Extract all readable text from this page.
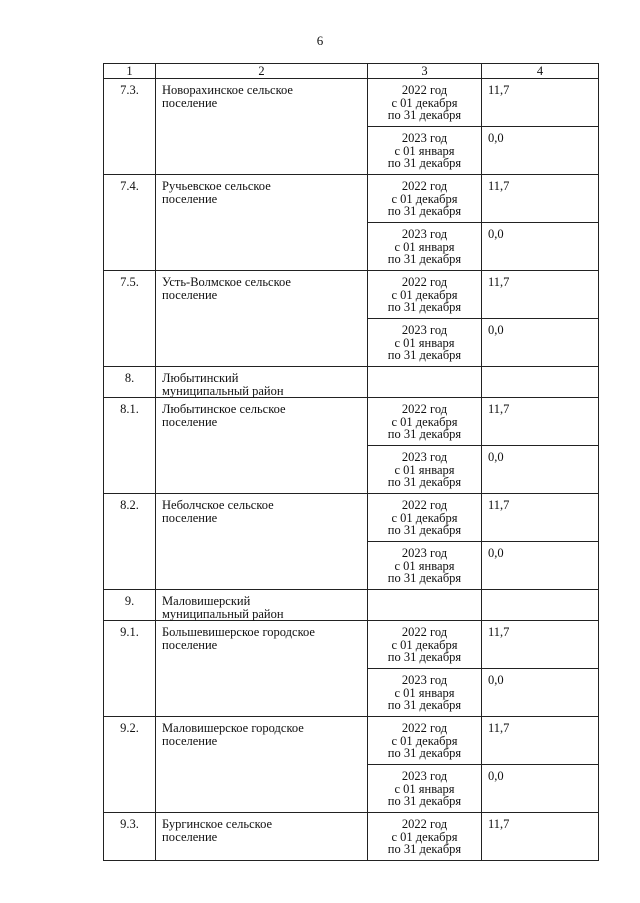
6
1	2	3	4
7.3.	Новорахинское сельское
поселение	2022 год
с 01 декабря
по 31 декабря	11,7

		2023 год
с 01 января
по 31 декабря	0,0
7.4.	Ручьевское сельское
поселение	2022 год
с 01 декабря
по 31 декабря	11,7

		2023 год
с 01 января
по 31 декабря	0,0
7.5.	Усть-Волмское сельское
поселение	2022 год
с 01 декабря
по 31 декабря	11,7

		2023 год
с 01 января
по 31 декабря	0,0
8.	Любытинский
муниципальный район		

8.1.	Любытинское сельское
поселение	2022 год
с 01 декабря
по 31 декабря	11,7

		2023 год
с 01 января
по 31 декабря	0,0
8.2.	Неболчское сельское
поселение	2022 год
с 01 декабря
по 31 декабря	11,7

		2023 год
с 01 января
по 31 декабря	0,0
9.	Маловишерский
муниципальный район		

9.1.	Большевишерское городское
поселение	2022 год
с 01 декабря
по 31 декабря	11,7

		2023 год
с 01 января
по 31 декабря	0,0
9.2.	Маловишерское городское
поселение	2022 год
с 01 декабря
по 31 декабря	11,7

		2023 год
с 01 января
по 31 декабря	0,0
9.3.	Бургинское сельское
поселение	2022 год
с 01 декабря
по 31 декабря	11,7
